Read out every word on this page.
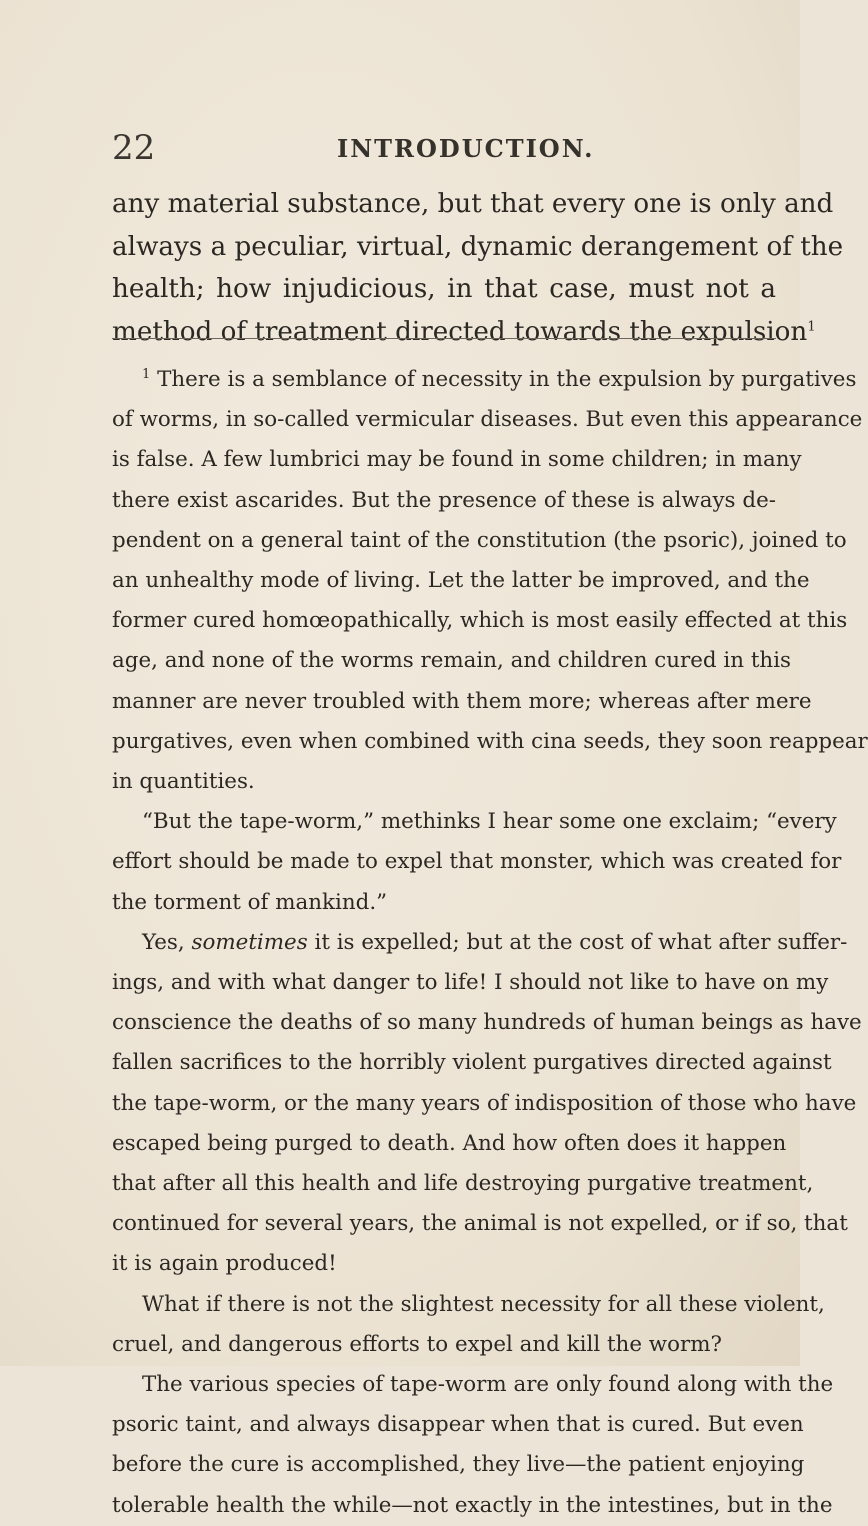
22	INTRODUCTION.
any material substance, but that every one is only and
always a peculiar, virtual, dynamic derangement of the
health; how injudicious, in that case, must not a
method of treatment directed towards the expulsion$^1$
$^1$ There is a semblance of necessity in the expulsion by purgatives
of worms, in so-called vermicular diseases. But even this appearance
is false. A few lumbrici may be found in some children; in many
there exist ascarides. But the presence of these is always de-
pendent on a general taint of the constitution (the psoric), joined to
an unhealthy mode of living. Let the latter be improved, and the
former cured homœopathically, which is most easily effected at this
age, and none of the worms remain, and children cured in this
manner are never troubled with them more; whereas after mere
purgatives, even when combined with cina seeds, they soon reappear
in quantities.
“But the tape-worm,” methinks I hear some one exclaim; “every
effort should be made to expel that monster, which was created for
the torment of mankind.”
Yes, sometimes it is expelled; but at the cost of what after suffer-
ings, and with what danger to life! I should not like to have on my
conscience the deaths of so many hundreds of human beings as have
fallen sacrifices to the horribly violent purgatives directed against
the tape-worm, or the many years of indisposition of those who have
escaped being purged to death. And how often does it happen
that after all this health and life destroying purgative treatment,
continued for several years, the animal is not expelled, or if so, that
it is again produced!
What if there is not the slightest necessity for all these violent,
cruel, and dangerous efforts to expel and kill the worm?
The various species of tape-worm are only found along with the
psoric taint, and always disappear when that is cured. But even
before the cure is accomplished, they live—the patient enjoying
tolerable health the while—not exactly in the intestines, but in the
